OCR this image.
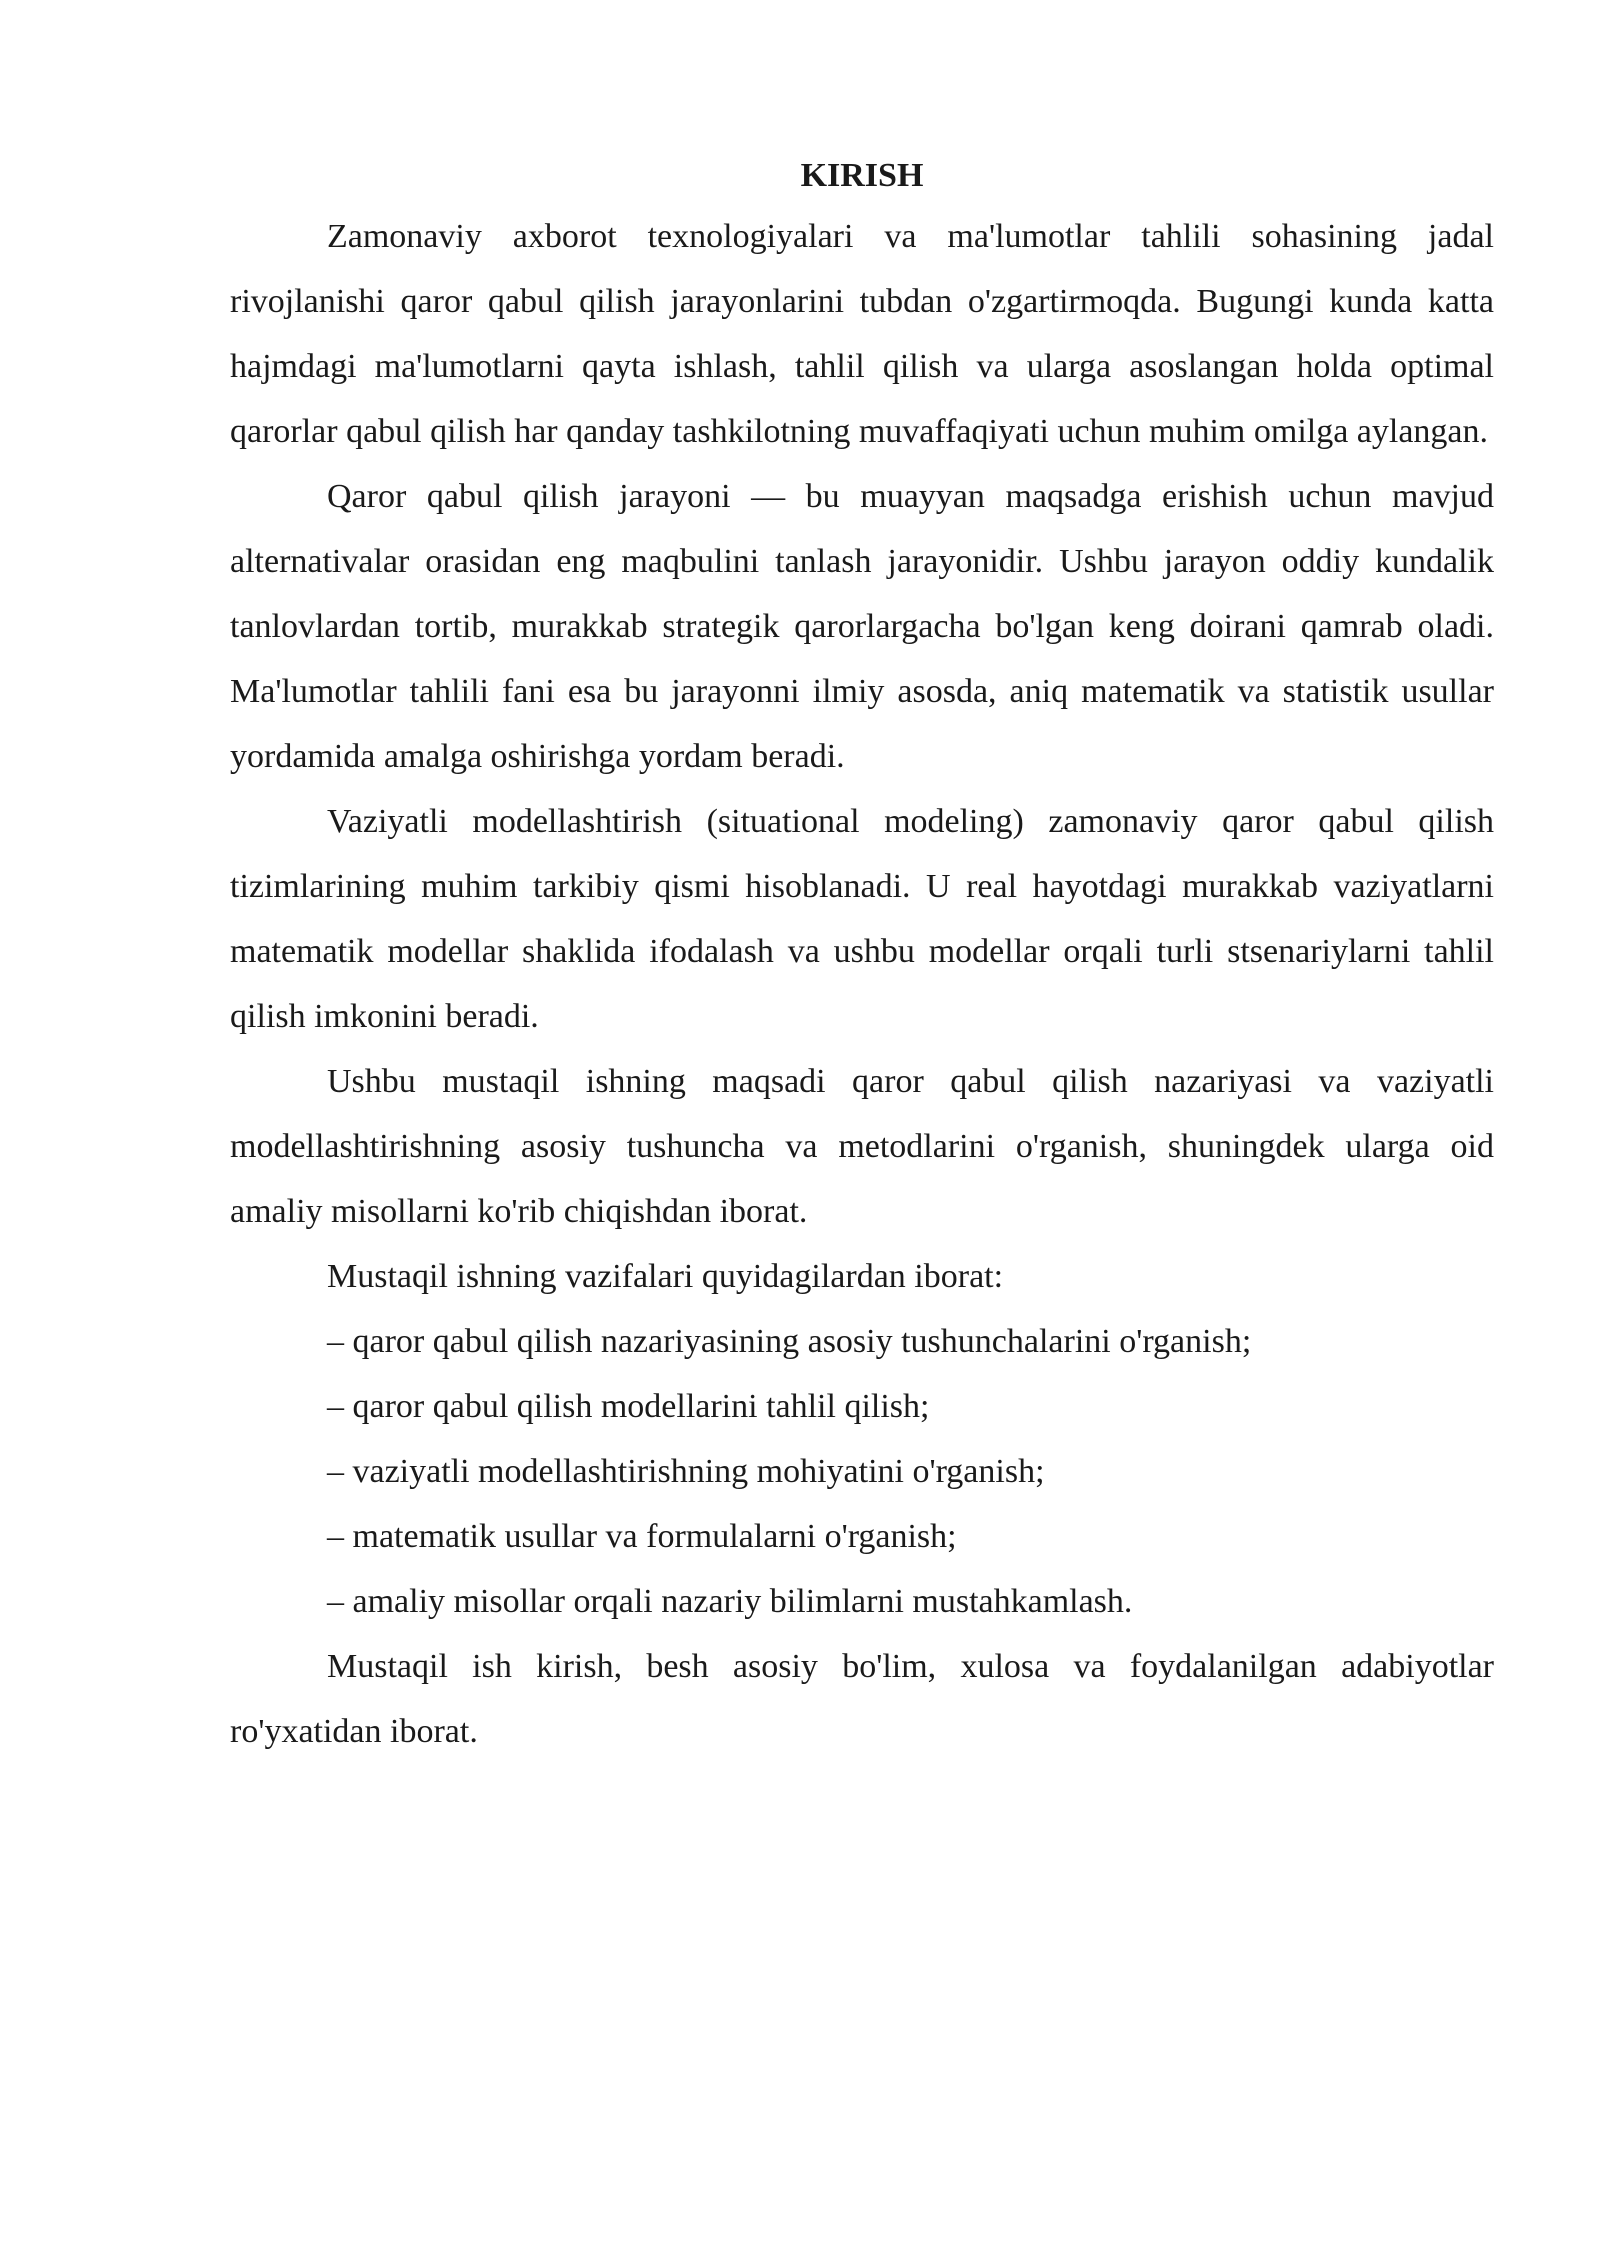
KIRISH

Zamonaviy axborot texnologiyalari va ma'lumotlar tahlili sohasining jadal rivojlanishi qaror qabul qilish jarayonlarini tubdan o'zgartirmoqda. Bugungi kunda katta hajmdagi ma'lumotlarni qayta ishlash, tahlil qilish va ularga asoslangan holda optimal qarorlar qabul qilish har qanday tashkilotning muvaffaqiyati uchun muhim omilga aylangan.

Qaror qabul qilish jarayoni — bu muayyan maqsadga erishish uchun mavjud alternativalar orasidan eng maqbulini tanlash jarayonidir. Ushbu jarayon oddiy kundalik tanlovlardan tortib, murakkab strategik qarorlargacha bo'lgan keng doirani qamrab oladi. Ma'lumotlar tahlili fani esa bu jarayonni ilmiy asosda, aniq matematik va statistik usullar yordamida amalga oshirishga yordam beradi.

Vaziyatli modellashtirish (situational modeling) zamonaviy qaror qabul qilish tizimlarining muhim tarkibiy qismi hisoblanadi. U real hayotdagi murakkab vaziyatlarni matematik modellar shaklida ifodalash va ushbu modellar orqali turli stsenariylarni tahlil qilish imkonini beradi.

Ushbu mustaqil ishning maqsadi qaror qabul qilish nazariyasi va vaziyatli modellashtirishning asosiy tushuncha va metodlarini o'rganish, shuningdek ularga oid amaliy misollarni ko'rib chiqishdan iborat.

Mustaqil ishning vazifalari quyidagilardan iborat:

– qaror qabul qilish nazariyasining asosiy tushunchalarini o'rganish;
– qaror qabul qilish modellarini tahlil qilish;
– vaziyatli modellashtirishning mohiyatini o'rganish;
– matematik usullar va formulalarni o'rganish;
– amaliy misollar orqali nazariy bilimlarni mustahkamlash.

Mustaqil ish kirish, besh asosiy bo'lim, xulosa va foydalanilgan adabiyotlar ro'yxatidan iborat.
